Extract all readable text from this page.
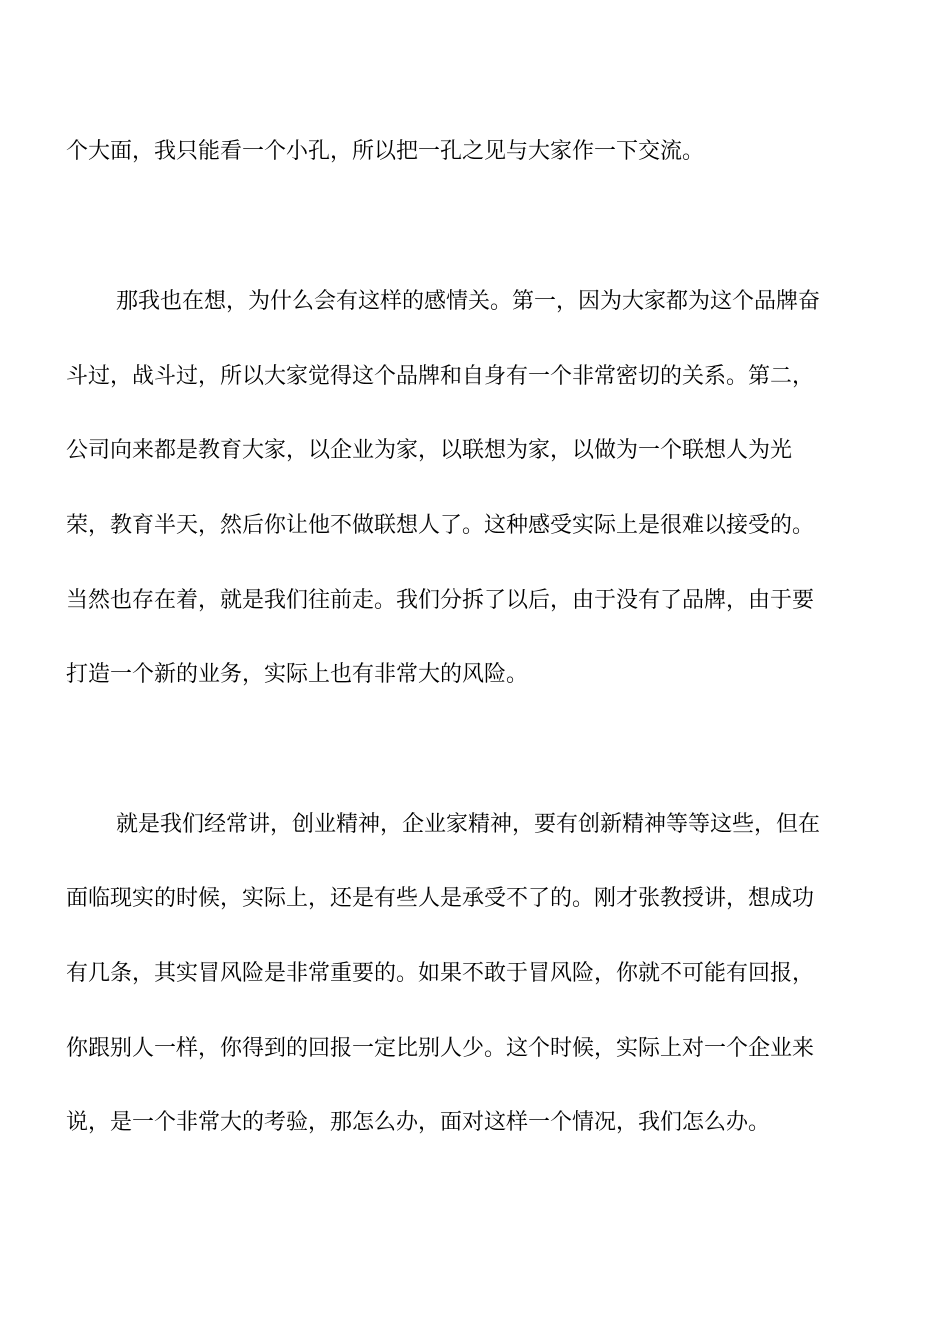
个大面，我只能看一个小孔，所以把一孔之见与大家作一下交流。
那我也在想，为什么会有这样的感情关。第一，因为大家都为这个品牌奋
斗过，战斗过，所以大家觉得这个品牌和自身有一个非常密切的关系。第二，
公司向来都是教育大家，以企业为家，以联想为家，以做为一个联想人为光
荣，教育半天，然后你让他不做联想人了。这种感受实际上是很难以接受的。
当然也存在着，就是我们往前走。我们分拆了以后，由于没有了品牌，由于要
打造一个新的业务，实际上也有非常大的风险。
就是我们经常讲，创业精神，企业家精神，要有创新精神等等这些，但在
面临现实的时候，实际上，还是有些人是承受不了的。刚才张教授讲，想成功
有几条，其实冒风险是非常重要的。如果不敢于冒风险，你就不可能有回报，
你跟别人一样，你得到的回报一定比别人少。这个时候，实际上对一个企业来
说，是一个非常大的考验，那怎么办，面对这样一个情况，我们怎么办。
